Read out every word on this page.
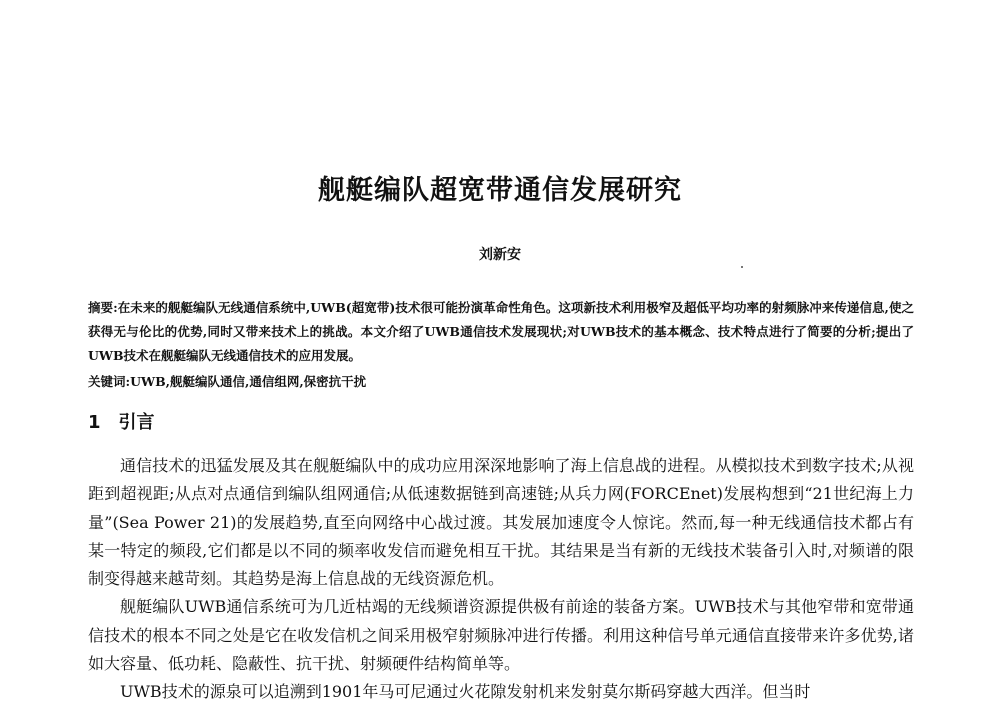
舰艇编队超宽带通信发展研究
刘新安
摘要:在未来的舰艇编队无线通信系统中,UWB(超宽带)技术很可能扮演革命性角色。这项新技术利用极窄及超低平均功率的射频脉冲来传递信息,使之获得无与伦比的优势,同时又带来技术上的挑战。本文介绍了UWB通信技术发展现状;对UWB技术的基本概念、技术特点进行了简要的分析;提出了UWB技术在舰艇编队无线通信技术的应用发展。
关键词:UWB,舰艇编队通信,通信组网,保密抗干扰
1 引言

通信技术的迅猛发展及其在舰艇编队中的成功应用深深地影响了海上信息战的进程。从模拟技术到数字技术;从视距到超视距;从点对点通信到编队组网通信;从低速数据链到高速链;从兵力网(FORCEnet)发展构想到“21世纪海上力量”(Sea Power 21)的发展趋势,直至向网络中心战过渡。其发展加速度令人惊诧。然而,每一种无线通信技术都占有某一特定的频段,它们都是以不同的频率收发信而避免相互干扰。其结果是当有新的无线技术装备引入时,对频谱的限制变得越来越苛刻。其趋势是海上信息战的无线资源危机。

舰艇编队UWB通信系统可为几近枯竭的无线频谱资源提供极有前途的装备方案。UWB技术与其他窄带和宽带通信技术的根本不同之处是它在收发信机之间采用极窄射频脉冲进行传播。利用这种信号单元通信直接带来许多优势,诸如大容量、低功耗、隐蔽性、抗干扰、射频硬件结构简单等。

UWB技术的源泉可以追溯到1901年马可尼通过火花隙发射机来发射莫尔斯码穿越大西洋。但当时
